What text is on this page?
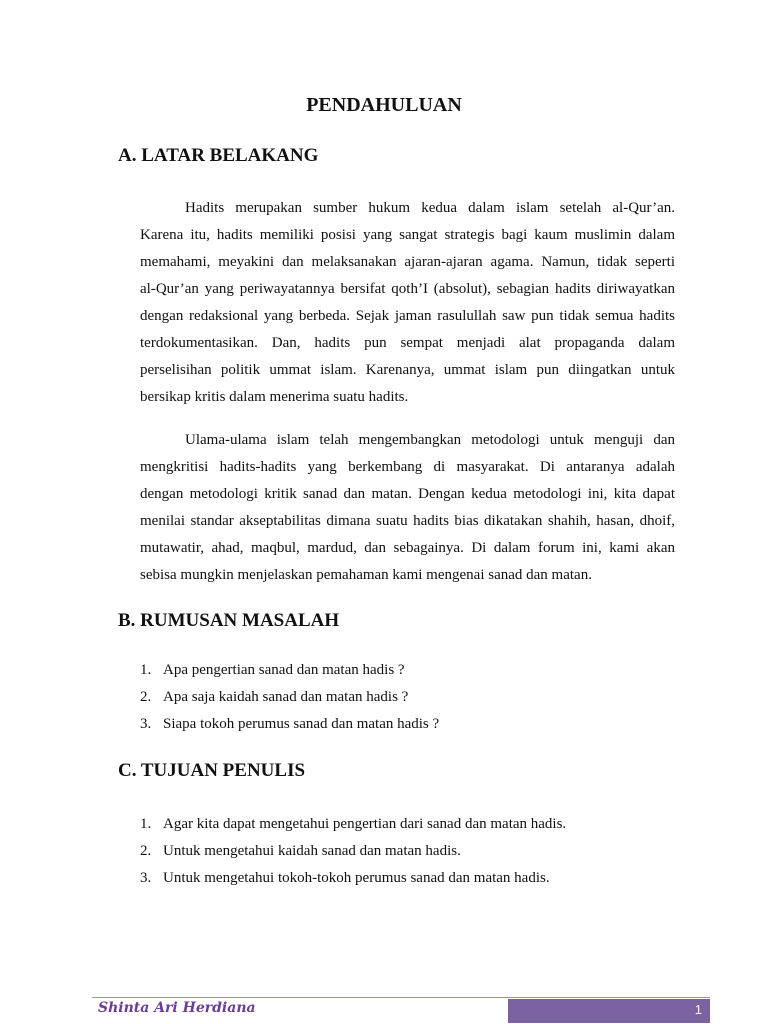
PENDAHULUAN
A. LATAR BELAKANG
Hadits merupakan sumber hukum kedua dalam islam setelah al-Qur’an.
Karena itu, hadits memiliki posisi yang sangat strategis bagi kaum muslimin dalam
memahami, meyakini dan melaksanakan ajaran-ajaran agama. Namun, tidak seperti
al-Qur’an yang periwayatannya bersifat qoth’I (absolut), sebagian hadits diriwayatkan
dengan redaksional yang berbeda. Sejak jaman rasulullah saw pun tidak semua hadits
terdokumentasikan. Dan, hadits pun sempat menjadi alat propaganda dalam
perselisihan politik ummat islam. Karenanya, ummat islam pun diingatkan untuk
bersikap kritis dalam menerima suatu hadits.
Ulama-ulama islam telah mengembangkan metodologi untuk menguji dan
mengkritisi hadits-hadits yang berkembang di masyarakat. Di antaranya adalah
dengan metodologi kritik sanad dan matan. Dengan kedua metodologi ini, kita dapat
menilai standar akseptabilitas dimana suatu hadits bias dikatakan shahih, hasan, dhoif,
mutawatir, ahad, maqbul, mardud, dan sebagainya. Di dalam forum ini, kami akan
sebisa mungkin menjelaskan pemahaman kami mengenai sanad dan matan.
B. RUMUSAN MASALAH
1. Apa pengertian sanad dan matan hadis ?
2. Apa saja kaidah sanad dan matan hadis ?
3. Siapa tokoh perumus sanad dan matan hadis ?
C. TUJUAN PENULIS
1. Agar kita dapat mengetahui pengertian dari sanad dan matan hadis.
2. Untuk mengetahui kaidah sanad dan matan hadis.
3. Untuk mengetahui tokoh-tokoh perumus sanad dan matan hadis.
Shinta Ari Herdiana	1
